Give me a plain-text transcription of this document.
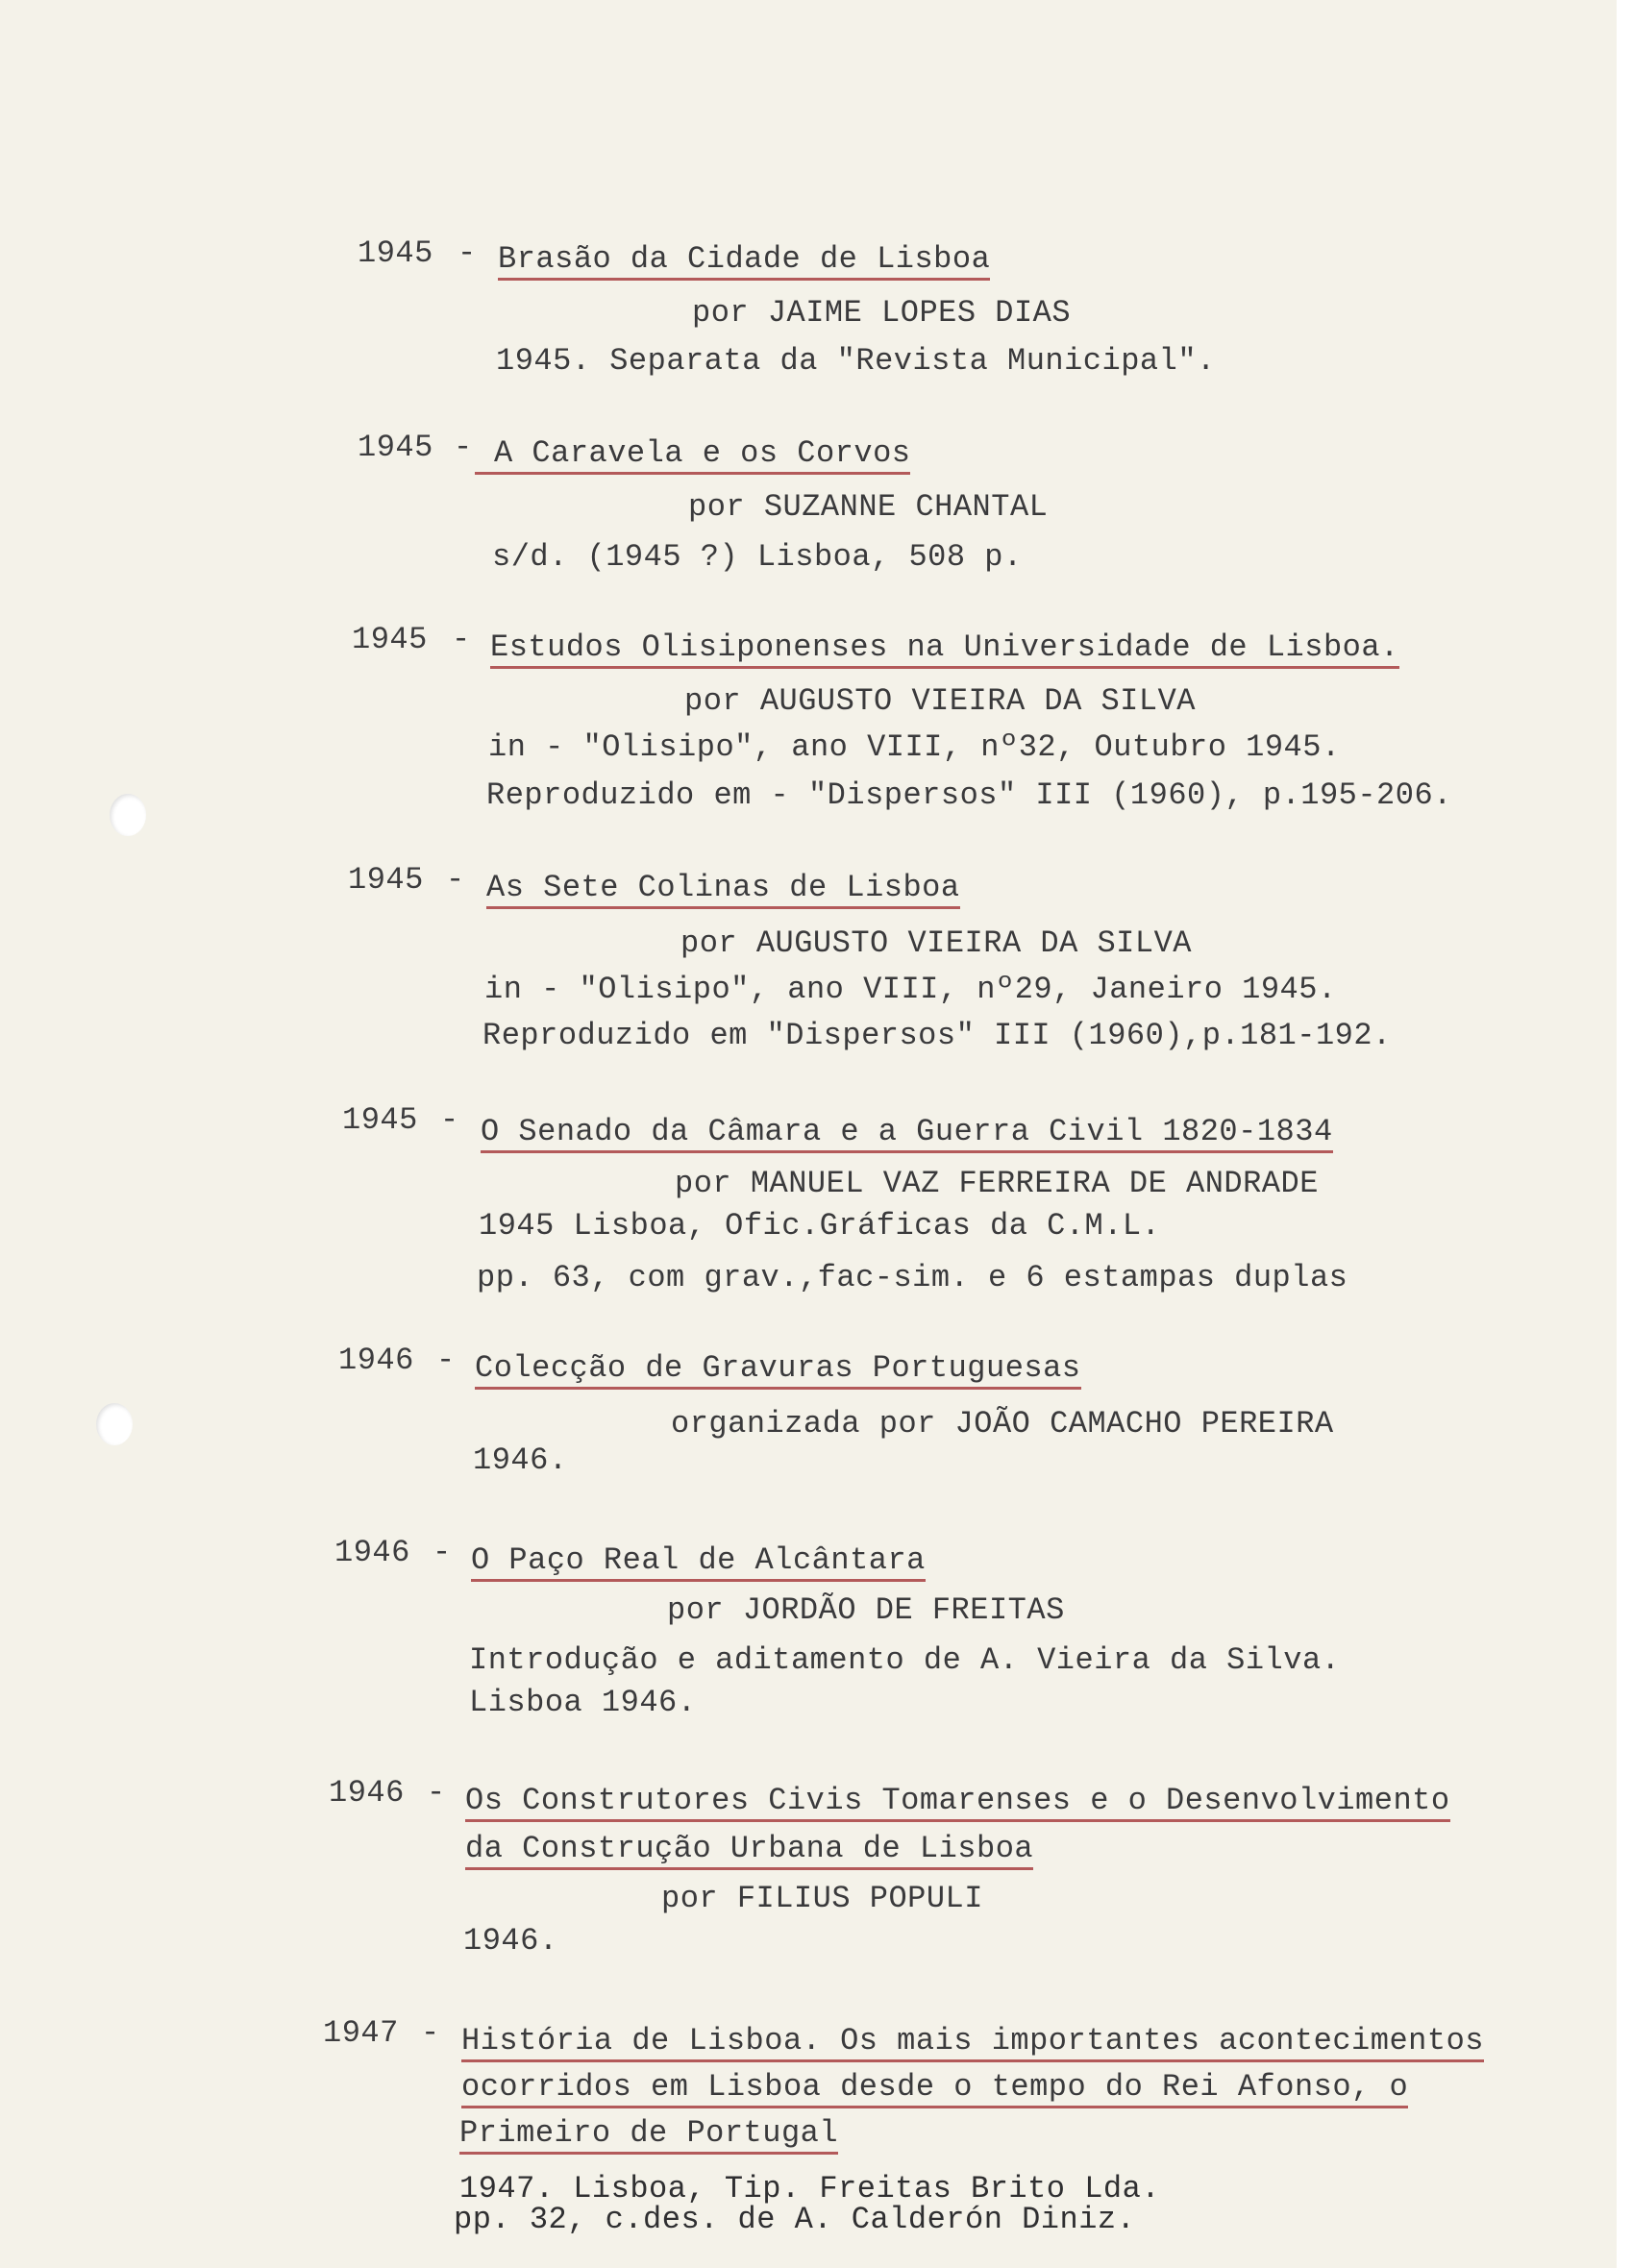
1945 - Brasão da Cidade de Lisboa
por JAIME LOPES DIAS
1945. Separata da "Revista Municipal".
1945 - A Caravela e os Corvos
por SUZANNE CHANTAL
s/d. (1945 ?) Lisboa, 508 p.
1945 - Estudos Olisiponenses na Universidade de Lisboa.
por AUGUSTO VIEIRA DA SILVA
in - "Olisipo", ano VIII, nº32, Outubro 1945.
Reproduzido em - "Dispersos" III (1960), p.195-206.
1945 - As Sete Colinas de Lisboa
por AUGUSTO VIEIRA DA SILVA
in - "Olisipo", ano VIII, nº29, Janeiro 1945.
Reproduzido em "Dispersos" III (1960),p.181-192.
1945 - O Senado da Câmara e a Guerra Civil 1820-1834
por MANUEL VAZ FERREIRA DE ANDRADE
1945 Lisboa, Ofic.Gráficas da C.M.L.
pp. 63, com grav.,fac-sim. e 6 estampas duplas
1946 - Colecção de Gravuras Portuguesas
organizada por JOÃO CAMACHO PEREIRA
1946.
1946 - O Paço Real de Alcântara
por JORDÃO DE FREITAS
Introdução e aditamento de A. Vieira da Silva.
Lisboa 1946.
1946 - Os Construtores Civis Tomarenses e o Desenvolvimento
da Construção Urbana de Lisboa
por FILIUS POPULI
1946.
1947 - História de Lisboa. Os mais importantes acontecimentos
ocorridos em Lisboa desde o tempo do Rei Afonso, o
Primeiro de Portugal
1947. Lisboa, Tip. Freitas Brito Lda.
pp. 32, c.des. de A. Calderón Diniz.
